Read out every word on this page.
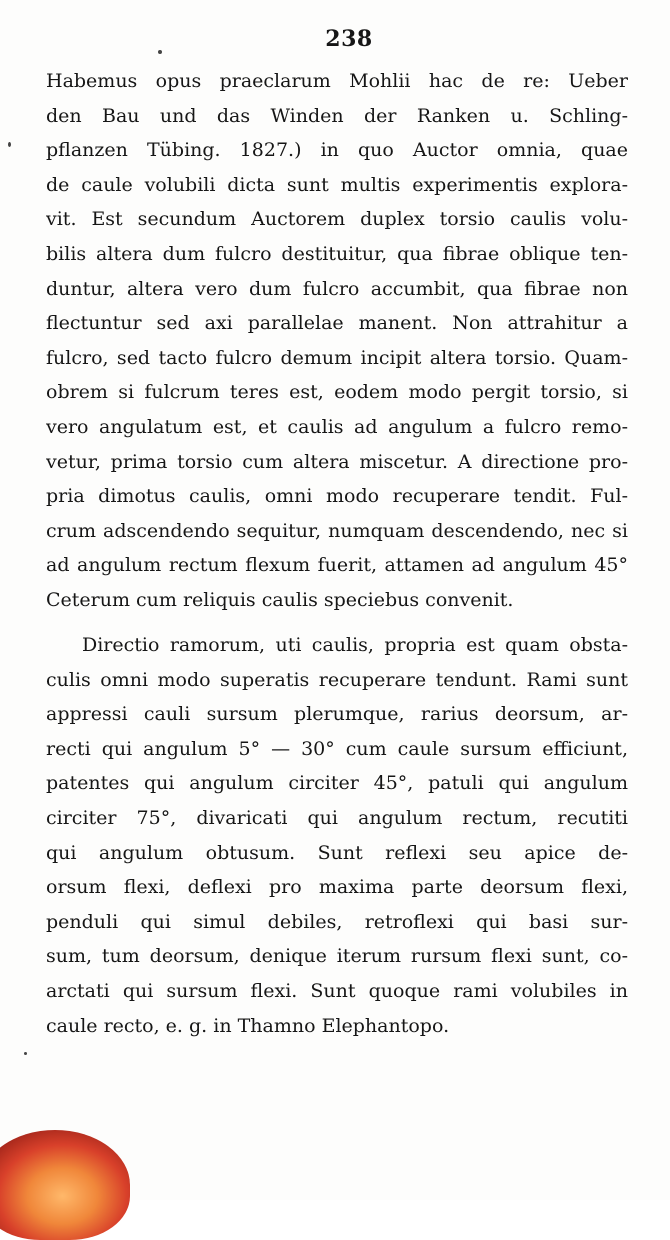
238
Habemus opus praeclarum Mohlii hac de re: Ueber
den Bau und das Winden der Ranken u. Schling-
pflanzen Tübing. 1827.) in quo Auctor omnia, quae
de caule volubili dicta sunt multis experimentis explora-
vit. Est secundum Auctorem duplex torsio caulis volu-
bilis altera dum fulcro destituitur, qua fibrae oblique ten-
duntur, altera vero dum fulcro accumbit, qua fibrae non
flectuntur sed axi parallelae manent. Non attrahitur a
fulcro, sed tacto fulcro demum incipit altera torsio. Quam-
obrem si fulcrum teres est, eodem modo pergit torsio, si
vero angulatum est, et caulis ad angulum a fulcro remo-
vetur, prima torsio cum altera miscetur. A directione pro-
pria dimotus caulis, omni modo recuperare tendit. Ful-
crum adscendendo sequitur, numquam descendendo, nec si
ad angulum rectum flexum fuerit, attamen ad angulum 45°
Ceterum cum reliquis caulis speciebus convenit.
Directio ramorum, uti caulis, propria est quam obsta-
culis omni modo superatis recuperare tendunt. Rami sunt
appressi cauli sursum plerumque, rarius deorsum, ar-
recti qui angulum 5° — 30° cum caule sursum efficiunt,
patentes qui angulum circiter 45°, patuli qui angulum
circiter 75°, divaricati qui angulum rectum, recutiti
qui angulum obtusum. Sunt reflexi seu apice de-
orsum flexi, deflexi pro maxima parte deorsum flexi,
penduli qui simul debiles, retroflexi qui basi sur-
sum, tum deorsum, denique iterum rursum flexi sunt, co-
arctati qui sursum flexi. Sunt quoque rami volubiles in
caule recto, e. g. in Thamno Elephantopo.
